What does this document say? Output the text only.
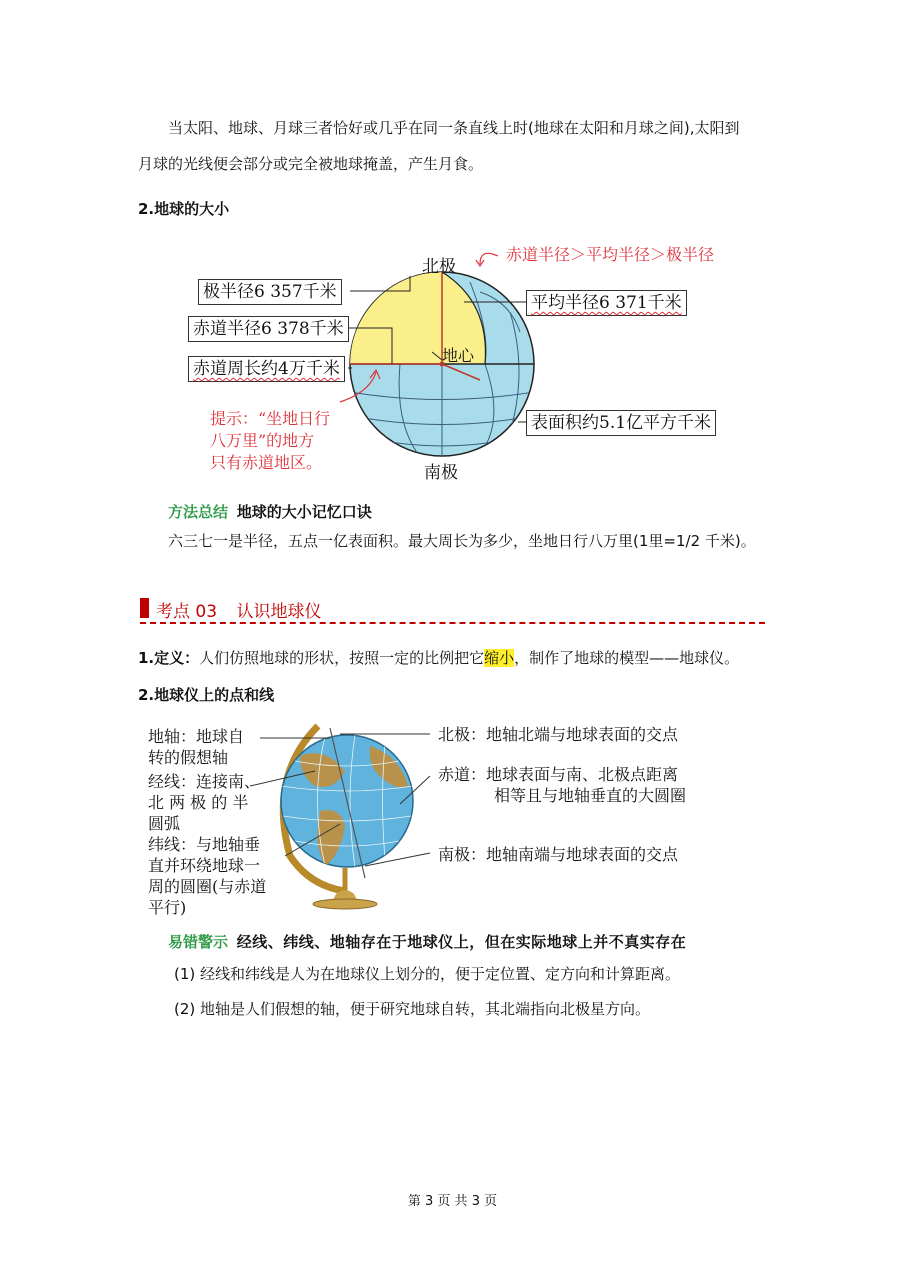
当太阳、地球、月球三者恰好或几乎在同一条直线上时(地球在太阳和月球之间),太阳到
月球的光线便会部分或完全被地球掩盖，产生月食。
2.地球的大小
北极
南极
地心
极半径6 357千米
赤道半径6 378千米
赤道周长约4万千米
平均半径6 371千米
表面积约5.1亿平方千米
赤道半径＞平均半径＞极半径
提示：“坐地日行
八万里”的地方
只有赤道地区。
方法总结 地球的大小记忆口诀
六三七一是半径，五点一亿表面积。最大周长为多少，坐地日行八万里(1里=1/2 千米)。
考点 03 认识地球仪
1.定义：人们仿照地球的形状，按照一定的比例把它缩小，制作了地球的模型——地球仪。
2.地球仪上的点和线
地轴：地球自
转的假想轴
经线：连接南、
北 两 极 的 半
圆弧
纬线：与地轴垂
直并环绕地球一
周的圆圈(与赤道
平行)
北极：地轴北端与地球表面的交点
赤道：地球表面与南、北极点距离
相等且与地轴垂直的大圆圈
南极：地轴南端与地球表面的交点
易错警示 经线、纬线、地轴存在于地球仪上，但在实际地球上并不真实存在
(1) 经线和纬线是人为在地球仪上划分的，便于定位置、定方向和计算距离。
(2) 地轴是人们假想的轴，便于研究地球自转，其北端指向北极星方向。
第 3 页 共 3 页
